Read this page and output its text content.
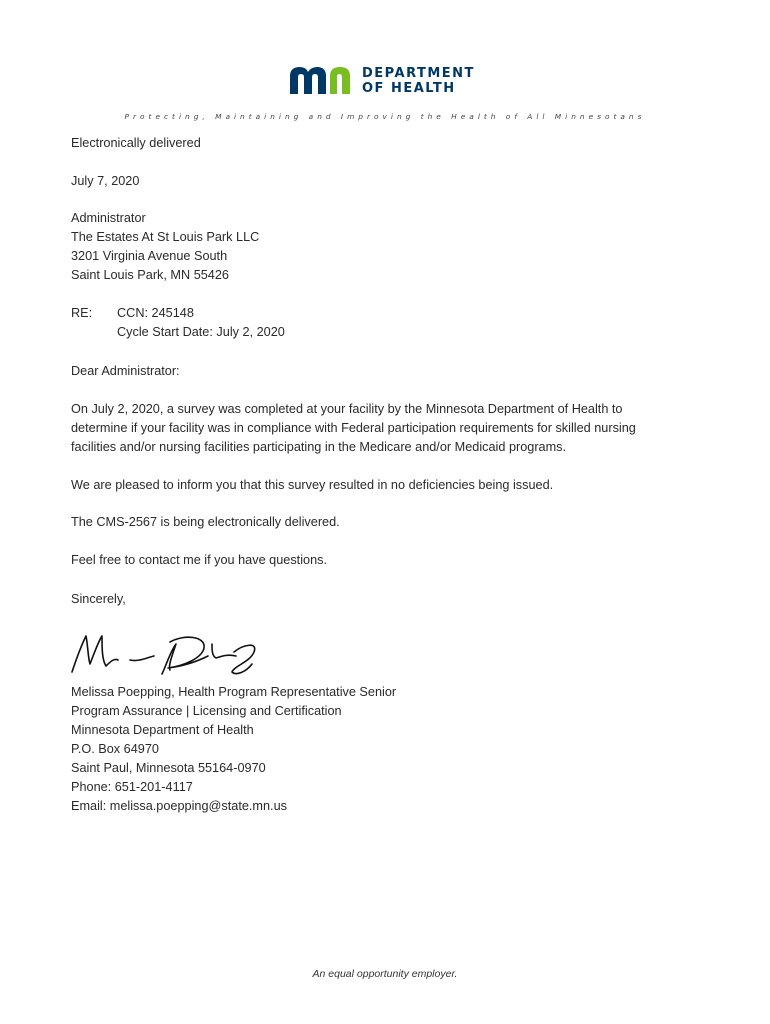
DEPARTMENT
OF HEALTH
Protecting, Maintaining and Improving the Health of All Minnesotans

Electronically delivered

July 7, 2020

Administrator

The Estates At St Louis Park LLC

3201 Virginia Avenue South

Saint Louis Park, MN 55426

RE: CCN: 245148

Cycle Start Date: July 2, 2020

Dear Administrator:

On July 2, 2020, a survey was completed at your facility by the Minnesota Department of Health to

determine if your facility was in compliance with Federal participation requirements for skilled nursing

facilities and/or nursing facilities participating in the Medicare and/or Medicaid programs.

We are pleased to inform you that this survey resulted in no deficiencies being issued.

The CMS-2567 is being electronically delivered.

Feel free to contact me if you have questions.

Sincerely,

Melissa Poepping, Health Program Representative Senior

Program Assurance | Licensing and Certification

Minnesota Department of Health

P.O. Box 64970

Saint Paul, Minnesota 55164-0970

Phone: 651-201-4117

Email: melissa.poepping@state.mn.us

An equal opportunity employer.
